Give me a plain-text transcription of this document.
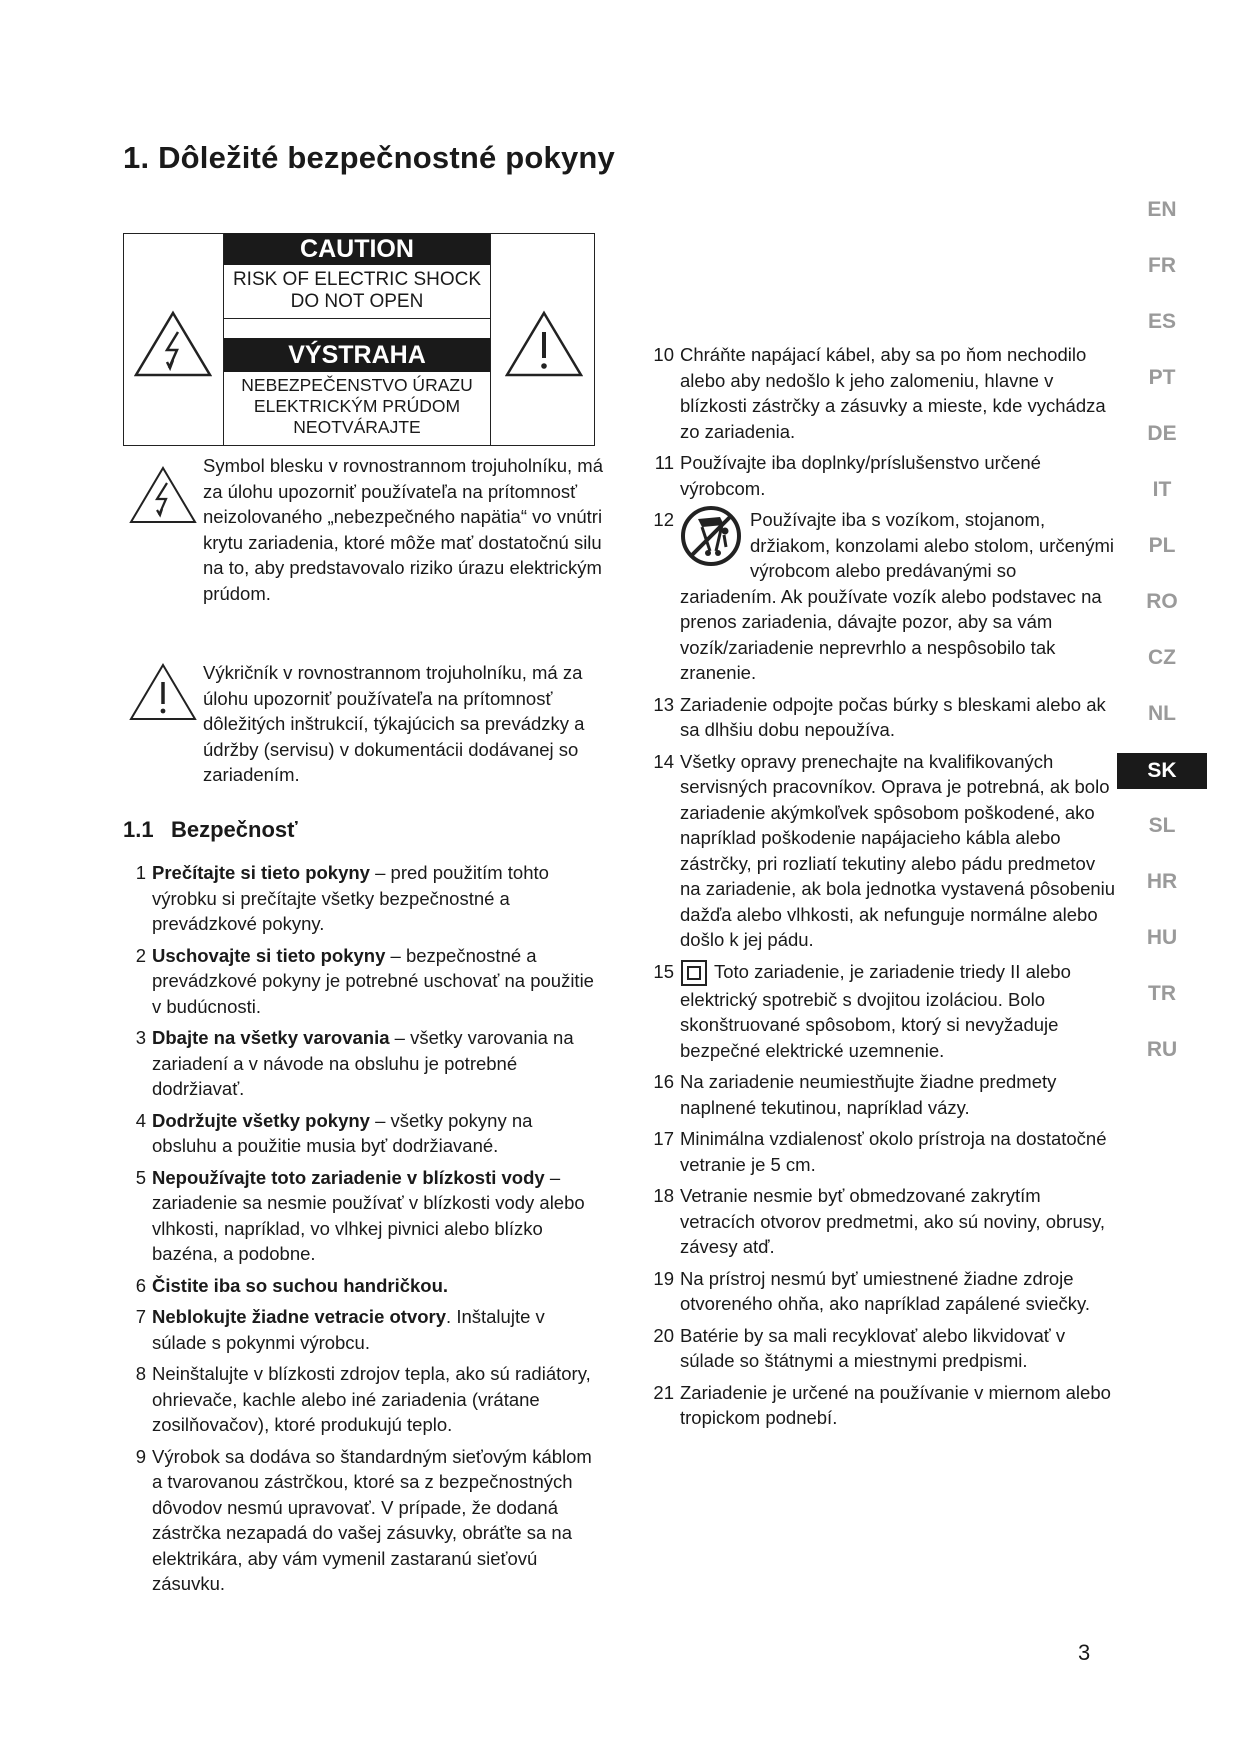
1. Dôležité bezpečnostné pokyny
CAUTION
RISK OF ELECTRIC SHOCK
DO NOT OPEN
VÝSTRAHA
NEBEZPEČENSTVO ÚRAZU
ELEKTRICKÝM PRÚDOM
NEOTVÁRAJTE
Symbol blesku v rovnostrannom trojuholníku, má za úlohu upozorniť používateľa na prítomnosť neizolovaného „nebezpečného napätia“ vo vnútri krytu zariadenia, ktoré môže mať dostatočnú silu na to, aby predstavovalo riziko úrazu elektrickým prúdom.
Výkričník v rovnostrannom trojuholníku, má za úlohu upozorniť používateľa na prítomnosť dôležitých inštrukcií, týkajúcich sa prevádzky a údržby (servisu) v dokumentácii dodávanej so zariadením.
1.1 Bezpečnosť
1 Prečítajte si tieto pokyny – pred použitím tohto výrobku si prečítajte všetky bezpečnostné a prevádzkové pokyny.
2 Uschovajte si tieto pokyny – bezpečnostné a prevádzkové pokyny je potrebné uschovať na použitie v budúcnosti.
3 Dbajte na všetky varovania – všetky varovania na zariadení a v návode na obsluhu je potrebné dodržiavať.
4 Dodržujte všetky pokyny – všetky pokyny na obsluhu a použitie musia byť dodržiavané.
5 Nepoužívajte toto zariadenie v blízkosti vody – zariadenie sa nesmie používať v blízkosti vody alebo vlhkosti, napríklad, vo vlhkej pivnici alebo blízko bazéna, a podobne.
6 Čistite iba so suchou handričkou.
7 Neblokujte žiadne vetracie otvory. Inštalujte v súlade s pokynmi výrobcu.
8 Neinštalujte v blízkosti zdrojov tepla, ako sú radiátory, ohrievače, kachle alebo iné zariadenia (vrátane zosilňovačov), ktoré produkujú teplo.
9 Výrobok sa dodáva so štandardným sieťovým káblom a tvarovanou zástrčkou, ktoré sa z bezpečnostných dôvodov nesmú upravovať. V prípade, že dodaná zástrčka nezapadá do vašej zásuvky, obráťte sa na elektrikára, aby vám vymenil zastaranú sieťovú zásuvku.
10 Chráňte napájací kábel, aby sa po ňom nechodilo alebo aby nedošlo k jeho zalomeniu, hlavne v blízkosti zástrčky a zásuvky a mieste, kde vychádza zo zariadenia.
11 Používajte iba doplnky/príslušenstvo určené výrobcom.
12	Používajte iba s vozíkom, stojanom, držiakom, konzolami alebo stolom, určenými výrobcom alebo predávanými so zariadením. Ak používate vozík alebo podstavec na prenos zariadenia, dávajte pozor, aby sa vám vozík/zariadenie neprevrhlo a nespôsobilo tak zranenie.
13 Zariadenie odpojte počas búrky s bleskami alebo ak sa dlhšiu dobu nepoužíva.
14 Všetky opravy prenechajte na kvalifikovaných servisných pracovníkov. Oprava je potrebná, ak bolo zariadenie akýmkoľvek spôsobom poškodené, ako napríklad poškodenie napájacieho kábla alebo zástrčky, pri rozliatí tekutiny alebo pádu predmetov na zariadenie, ak bola jednotka vystavená pôsobeniu dažďa alebo vlhkosti, ak nefunguje normálne alebo došlo k jej pádu.
15 Toto zariadenie, je zariadenie triedy II alebo elektrický spotrebič s dvojitou izoláciou. Bolo skonštruované spôsobom, ktorý si nevyžaduje bezpečné elektrické uzemnenie.
16 Na zariadenie neumiestňujte žiadne predmety naplnené tekutinou, napríklad vázy.
17 Minimálna vzdialenosť okolo prístroja na dostatočné vetranie je 5 cm.
18 Vetranie nesmie byť obmedzované zakrytím vetracích otvorov predmetmi, ako sú noviny, obrusy, závesy atď.
19 Na prístroj nesmú byť umiestnené žiadne zdroje otvoreného ohňa, ako napríklad zapálené sviečky.
20 Batérie by sa mali recyklovať alebo likvidovať v súlade so štátnymi a miestnymi predpismi.
21 Zariadenie je určené na používanie v miernom alebo tropickom podnebí.
EN
FR
ES
PT
DE
IT
PL
RO
CZ
NL
SK
SL
HR
HU
TR
RU
3
